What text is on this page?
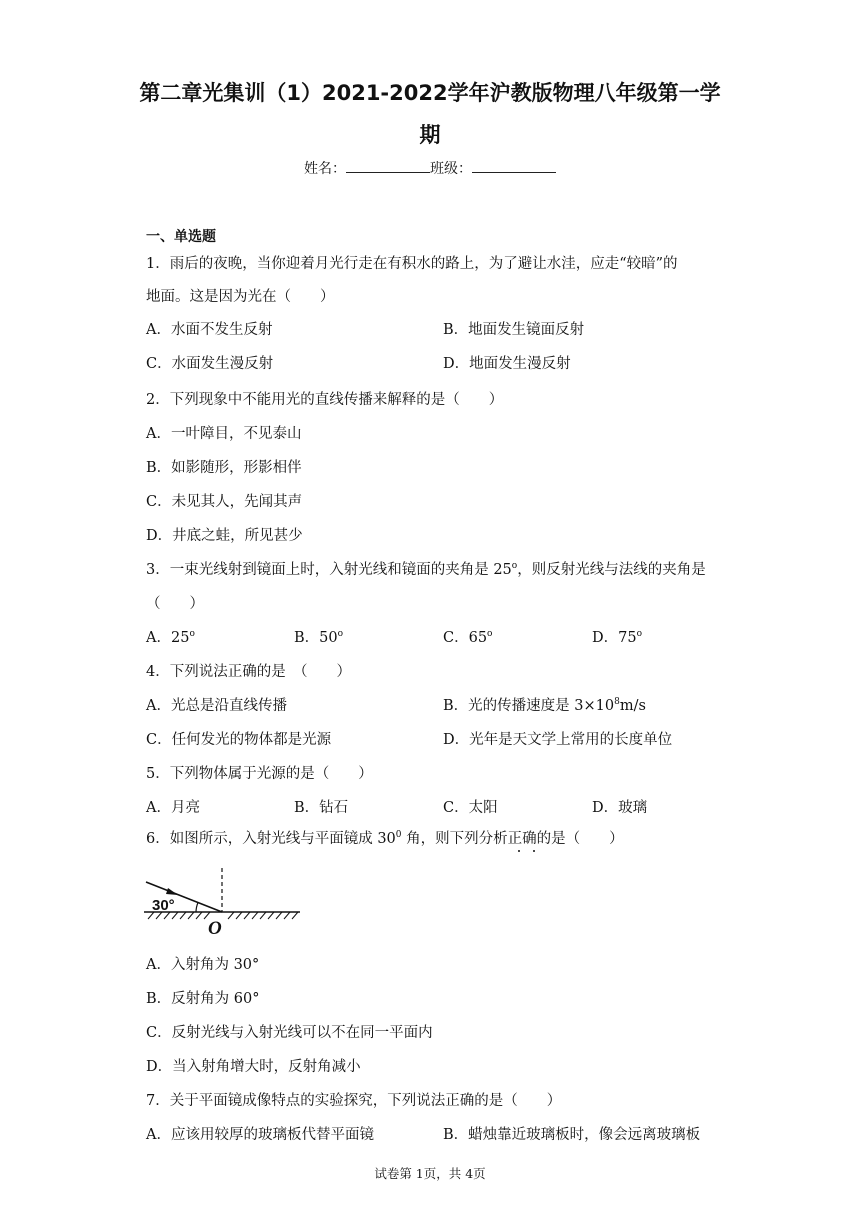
第二章光集训（1）2021-2022学年沪教版物理八年级第一学
期
姓名：	班级：
一、单选题
1．雨后的夜晚，当你迎着月光行走在有积水的路上，为了避让水洼，应走“较暗”的
地面。这是因为光在（　　）
A．水面不发生反射	B．地面发生镜面反射
C．水面发生漫反射	D．地面发生漫反射
2．下列现象中不能用光的直线传播来解释的是（　　）
A．一叶障目，不见泰山
B．如影随形，形影相伴
C．未见其人，先闻其声
D．井底之蛙，所见甚少
3．一束光线射到镜面上时，入射光线和镜面的夹角是 25$^o$，则反射光线与法线的夹角是
（　　）
A．25$^o$	B．50$^o$	C．65$^o$	D．75$^o$
4．下列说法正确的是　（　　）
A．光总是沿直线传播	B．光的传播速度是 $3\times 10^8m/s$
C．任何发光的物体都是光源	D．光年是天文学上常用的长度单位
5．下列物体属于光源的是（　　）
A．月亮	B．钻石	C．太阳	D．玻璃
6．如图所示，入射光线与平面镜成 $30^0$ 角，则下列分析正确的是（　　）
30°
O
A．入射角为 30°
B．反射角为 60°
C．反射光线与入射光线可以不在同一平面内
D．当入射角增大时，反射角减小
7．关于平面镜成像特点的实验探究，下列说法正确的是（　　）
A．应该用较厚的玻璃板代替平面镜	B．蜡烛靠近玻璃板时，像会远离玻璃板
试卷第 1页，共 4页
